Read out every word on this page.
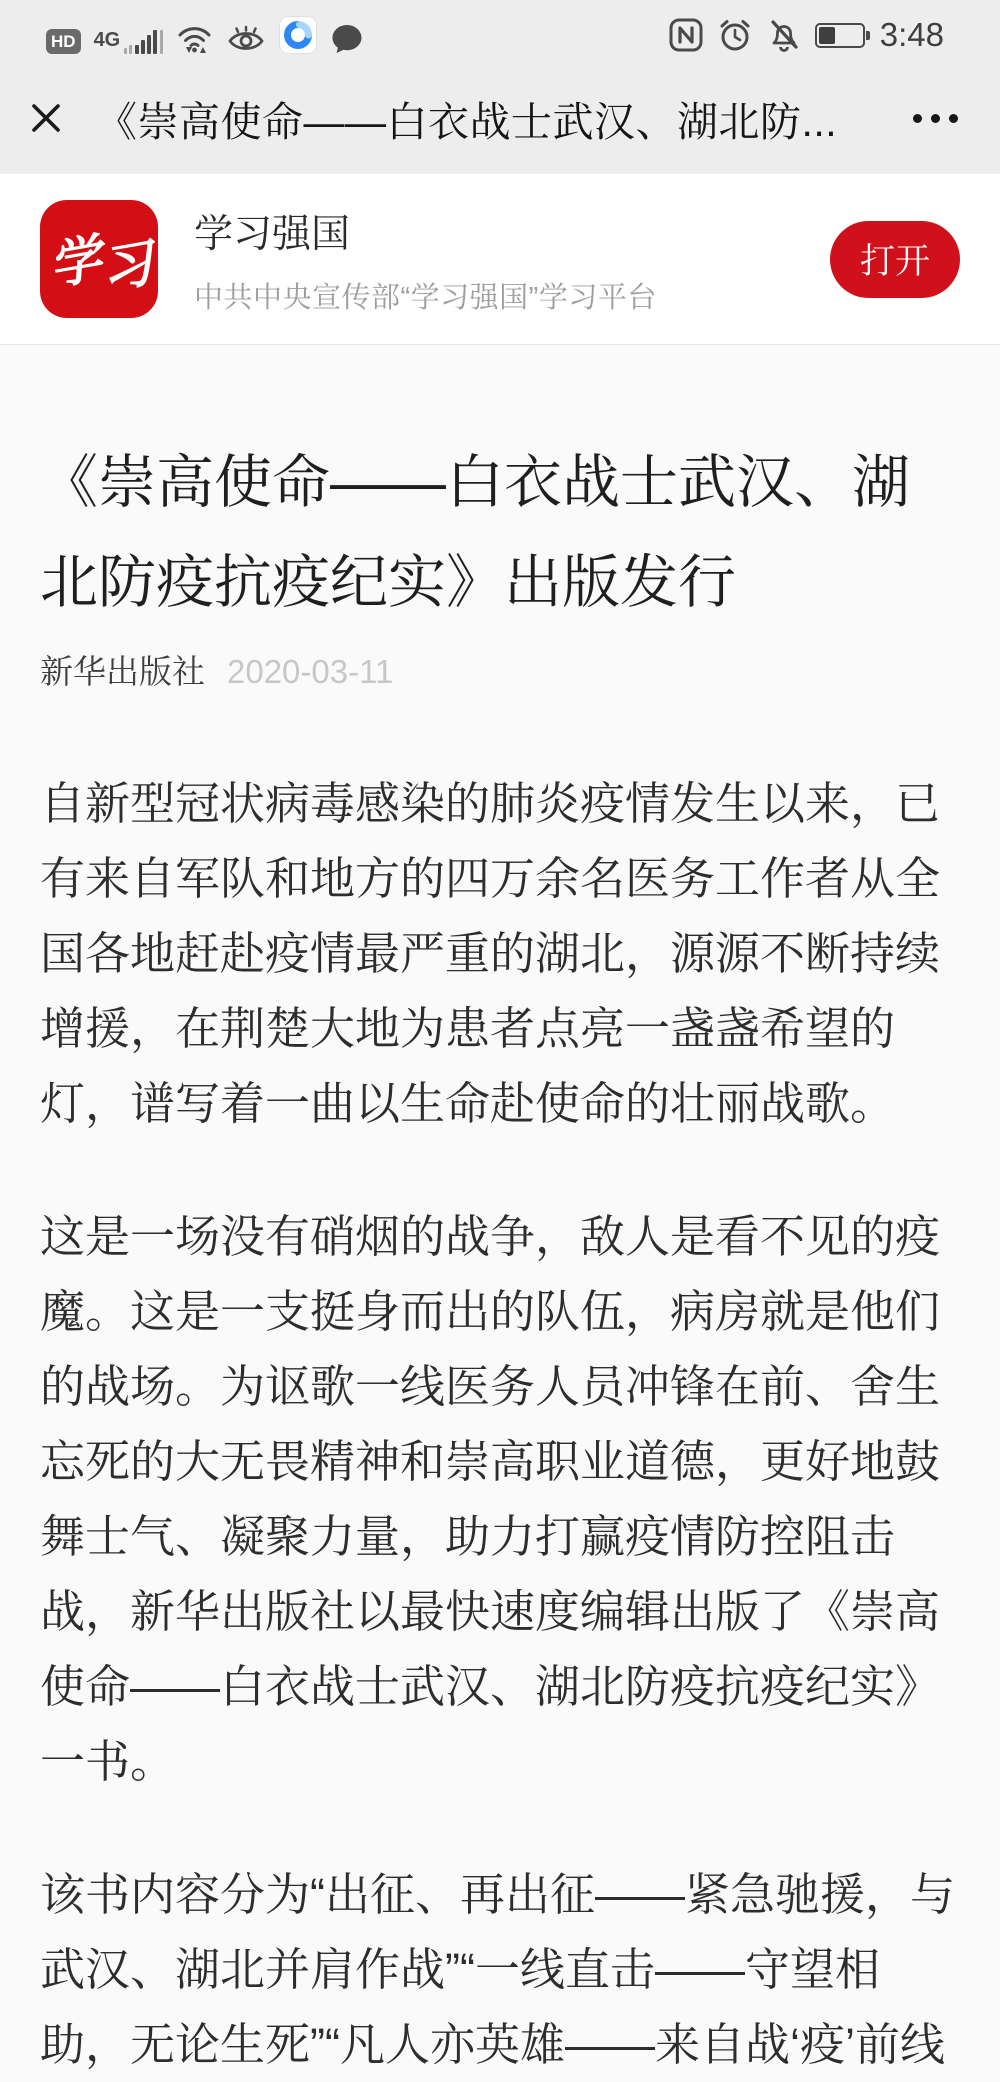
HD 4G	3:48
《崇高使命——白衣战士武汉、湖北防...
学习
学习强国
中共中央宣传部“学习强国”学习平台
打开
《崇高使命——白衣战士武汉、湖北防疫抗疫纪实》出版发行
新华出版社 2020-03-11

自新型冠状病毒感染的肺炎疫情发生以来，已有来自军队和地方的四万余名医务工作者从全国各地赶赴疫情最严重的湖北，源源不断持续增援，在荆楚大地为患者点亮一盏盏希望的灯，谱写着一曲以生命赴使命的壮丽战歌。

这是一场没有硝烟的战争，敌人是看不见的疫魔。这是一支挺身而出的队伍，病房就是他们的战场。为讴歌一线医务人员冲锋在前、舍生忘死的大无畏精神和崇高职业道德，更好地鼓舞士气、凝聚力量，助力打赢疫情防控阻击战，新华出版社以最快速度编辑出版了《崇高使命——白衣战士武汉、湖北防疫抗疫纪实》一书。

该书内容分为“出征、再出征——紧急驰援，与武汉、湖北并肩作战”“一线直击——守望相助，无论生死”“凡人亦英雄——来自战‘疫’前线
